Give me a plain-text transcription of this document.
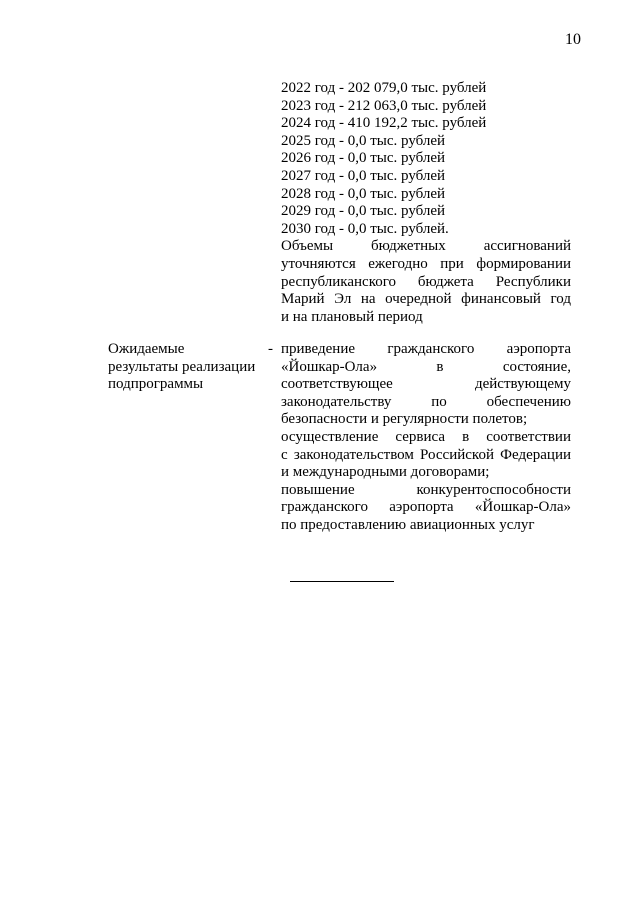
10
2022 год - 202 079,0 тыс. рублей
2023 год - 212 063,0 тыс. рублей
2024 год - 410 192,2 тыс. рублей
2025 год - 0,0 тыс. рублей
2026 год - 0,0 тыс. рублей
2027 год - 0,0 тыс. рублей
2028 год - 0,0 тыс. рублей
2029 год - 0,0 тыс. рублей
2030 год - 0,0 тыс. рублей.
Объемы бюджетных ассигнований
уточняются ежегодно при формировании
республиканского бюджета Республики
Марий Эл на очередной финансовый год
и на плановый период
Ожидаемые
результаты реализации
подпрограммы
- приведение гражданского аэропорта
«Йошкар-Ола» в состояние,
соответствующее действующему
законодательству по обеспечению
безопасности и регулярности полетов;
осуществление сервиса в соответствии
с законодательством Российской Федерации
и международными договорами;
повышение конкурентоспособности
гражданского аэропорта «Йошкар-Ола»
по предоставлению авиационных услуг
